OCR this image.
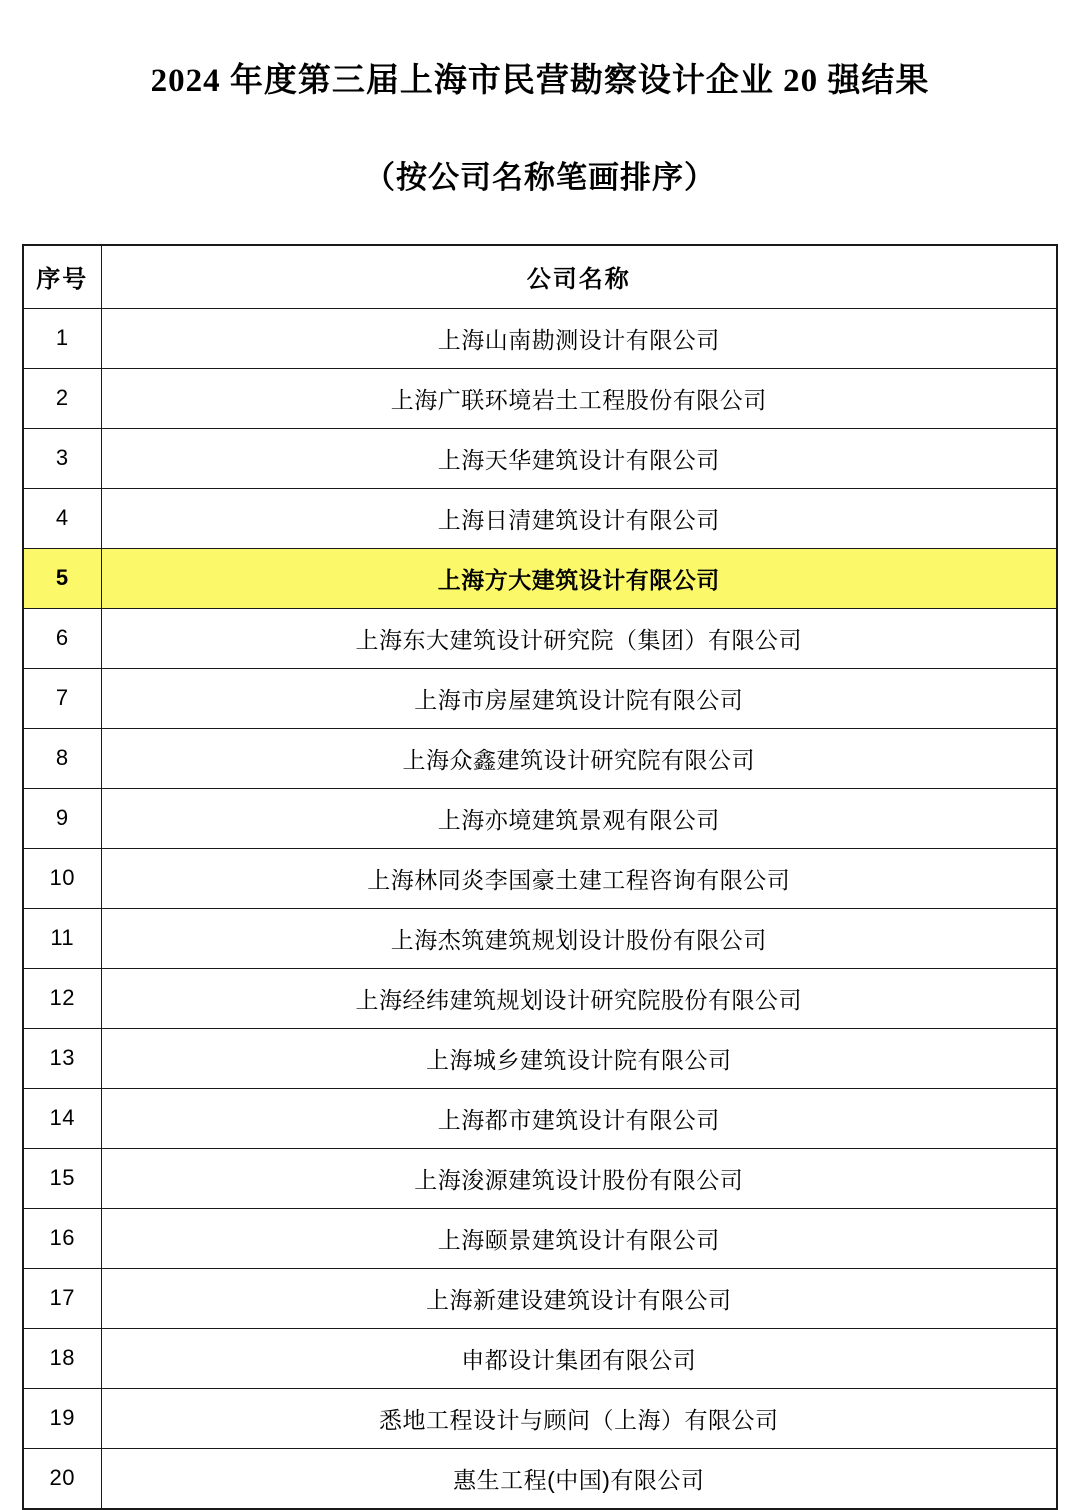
2024 年度第三届上海市民营勘察设计企业 20 强结果
（按公司名称笔画排序）
序号	公司名称
1	上海山南勘测设计有限公司
2	上海广联环境岩土工程股份有限公司
3	上海天华建筑设计有限公司
4	上海日清建筑设计有限公司
5	上海方大建筑设计有限公司
6	上海东大建筑设计研究院（集团）有限公司
7	上海市房屋建筑设计院有限公司
8	上海众鑫建筑设计研究院有限公司
9	上海亦境建筑景观有限公司
10	上海林同炎李国豪土建工程咨询有限公司
11	上海杰筑建筑规划设计股份有限公司
12	上海经纬建筑规划设计研究院股份有限公司
13	上海城乡建筑设计院有限公司
14	上海都市建筑设计有限公司
15	上海浚源建筑设计股份有限公司
16	上海颐景建筑设计有限公司
17	上海新建设建筑设计有限公司
18	申都设计集团有限公司
19	悉地工程设计与顾问（上海）有限公司
20	惠生工程(中国)有限公司
